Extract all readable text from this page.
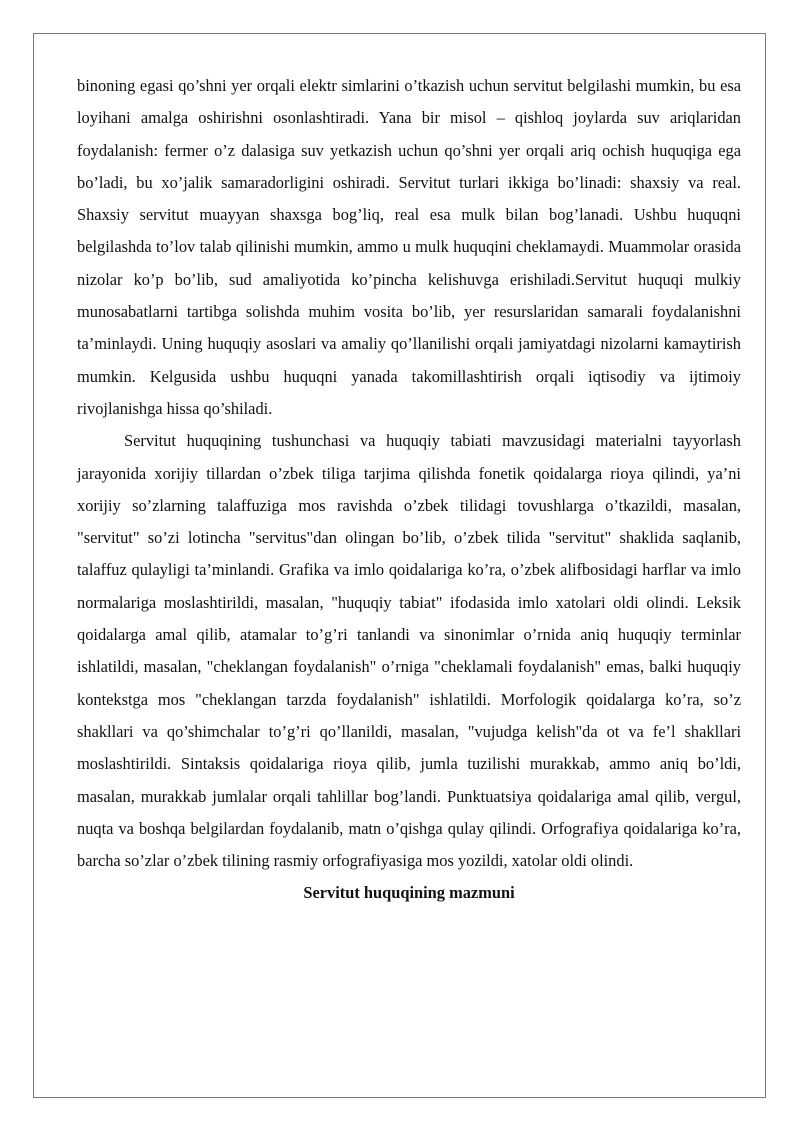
binoning egasi qo’shni yer orqali elektr simlarini o’tkazish uchun servitut belgilashi mumkin, bu esa loyihani amalga oshirishni osonlashtiradi. Yana bir misol – qishloq joylarda suv ariqlaridan foydalanish: fermer o’z dalasiga suv yetkazish uchun qo’shni yer orqali ariq ochish huquqiga ega bo’ladi, bu xo’jalik samaradorligini oshiradi. Servitut turlari ikkiga bo’linadi: shaxsiy va real. Shaxsiy servitut muayyan shaxsga bog’liq, real esa mulk bilan bog’lanadi. Ushbu huquqni belgilashda to’lov talab qilinishi mumkin, ammo u mulk huquqini cheklamaydi. Muammolar orasida nizolar ko’p bo’lib, sud amaliyotida ko’pincha kelishuvga erishiladi.Servitut huquqi mulkiy munosabatlarni tartibga solishda muhim vosita bo’lib, yer resurslaridan samarali foydalanishni ta’minlaydi. Uning huquqiy asoslari va amaliy qo’llanilishi orqali jamiyatdagi nizolarni kamaytirish mumkin. Kelgusida ushbu huquqni yanada takomillashtirish orqali iqtisodiy va ijtimoiy rivojlanishga hissa qo’shiladi.

Servitut huquqining tushunchasi va huquqiy tabiati mavzusidagi materialni tayyorlash jarayonida xorijiy tillardan o’zbek tiliga tarjima qilishda fonetik qoidalarga rioya qilindi, ya’ni xorijiy so’zlarning talaffuziga mos ravishda o’zbek tilidagi tovushlarga o’tkazildi, masalan, "servitut" so’zi lotincha "servitus"dan olingan bo’lib, o’zbek tilida "servitut" shaklida saqlanib, talaffuz qulayligi ta’minlandi. Grafika va imlo qoidalariga ko’ra, o’zbek alifbosidagi harflar va imlo normalariga moslashtirildi, masalan, "huquqiy tabiat" ifodasida imlo xatolari oldi olindi. Leksik qoidalarga amal qilib, atamalar to’g’ri tanlandi va sinonimlar o’rnida aniq huquqiy terminlar ishlatildi, masalan, "cheklangan foydalanish" o’rniga "cheklamali foydalanish" emas, balki huquqiy kontekstga mos "cheklangan tarzda foydalanish" ishlatildi. Morfologik qoidalarga ko’ra, so’z shakllari va qo’shimchalar to’g’ri qo’llanildi, masalan, "vujudga kelish"da ot va fe’l shakllari moslashtirildi. Sintaksis qoidalariga rioya qilib, jumla tuzilishi murakkab, ammo aniq bo’ldi, masalan, murakkab jumlalar orqali tahlillar bog’landi. Punktuatsiya qoidalariga amal qilib, vergul, nuqta va boshqa belgilardan foydalanib, matn o’qishga qulay qilindi. Orfografiya qoidalariga ko’ra, barcha so’zlar o’zbek tilining rasmiy orfografiyasiga mos yozildi, xatolar oldi olindi.

Servitut huquqining mazmuni
